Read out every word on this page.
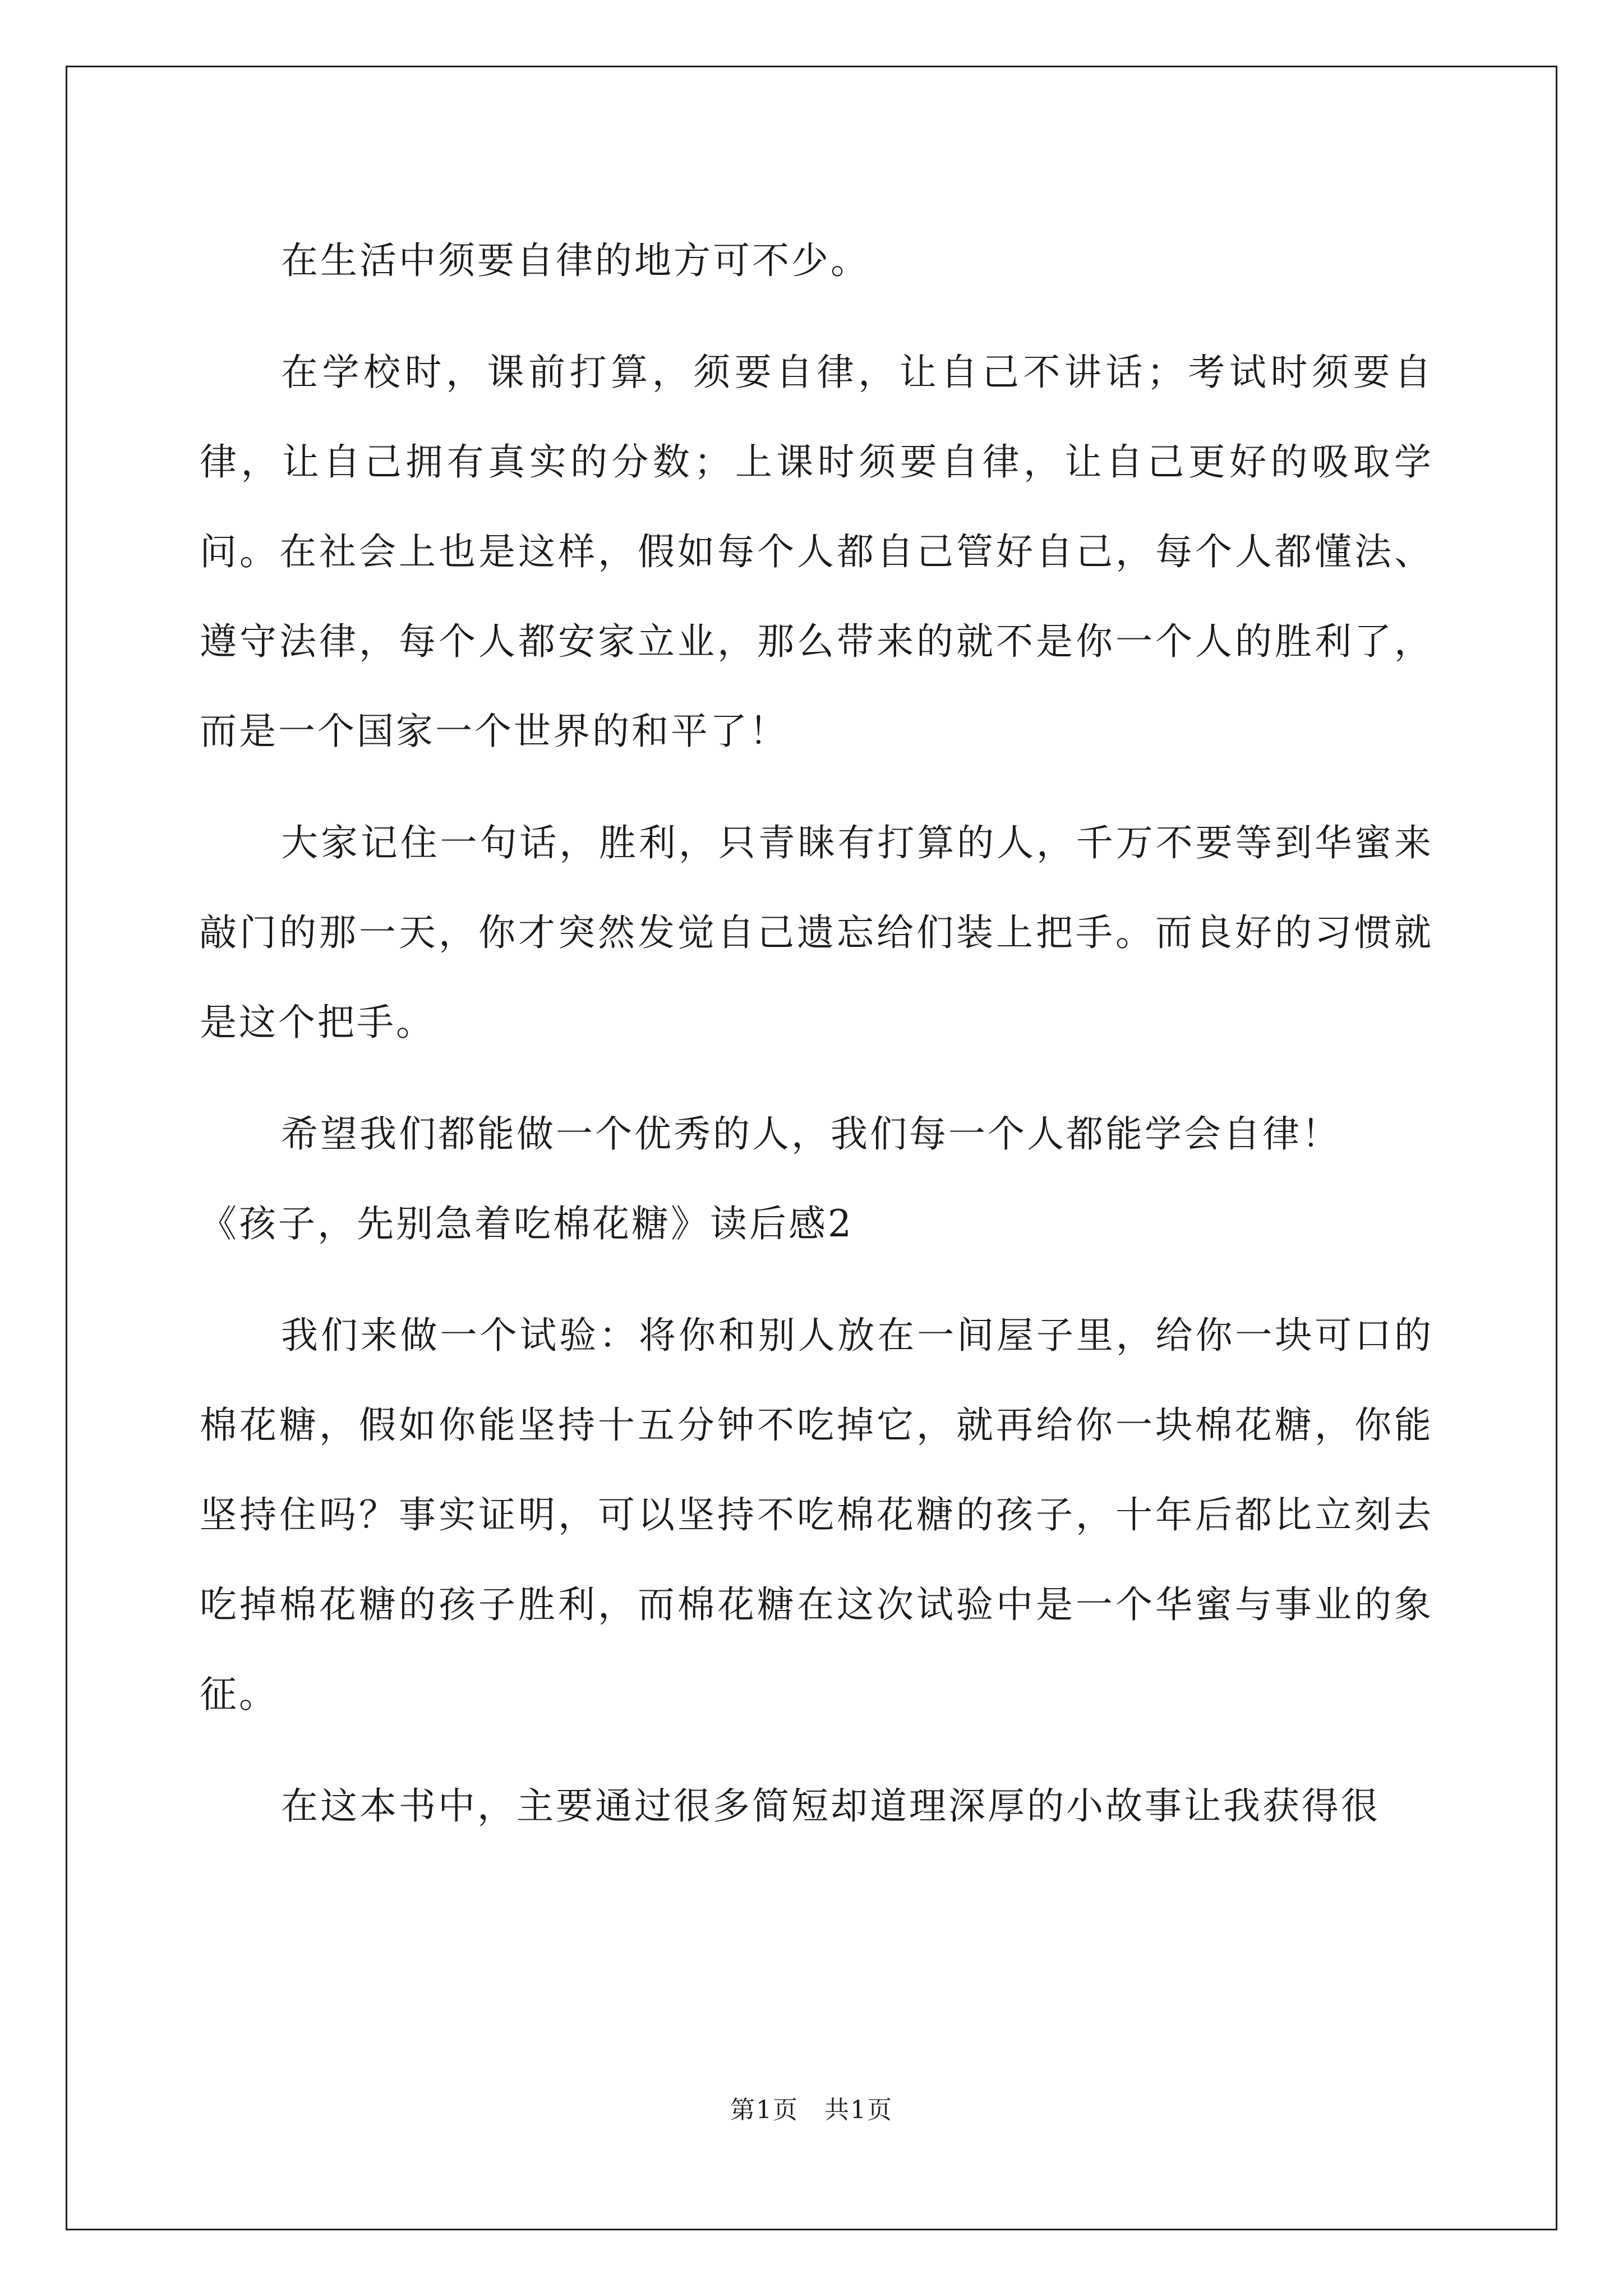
在生活中须要自律的地方可不少。

在学校时，课前打算，须要自律，让自己不讲话；考试时须要自律，让自己拥有真实的分数；上课时须要自律，让自己更好的吸取学问。在社会上也是这样，假如每个人都自己管好自己，每个人都懂法、遵守法律，每个人都安家立业，那么带来的就不是你一个人的胜利了，而是一个国家一个世界的和平了！

大家记住一句话，胜利，只青睐有打算的人，千万不要等到华蜜来敲门的那一天，你才突然发觉自己遗忘给们装上把手。而良好的习惯就是这个把手。

希望我们都能做一个优秀的人，我们每一个人都能学会自律！

《孩子，先别急着吃棉花糖》读后感2

我们来做一个试验：将你和别人放在一间屋子里，给你一块可口的棉花糖，假如你能坚持十五分钟不吃掉它，就再给你一块棉花糖，你能坚持住吗？事实证明，可以坚持不吃棉花糖的孩子，十年后都比立刻去吃掉棉花糖的孩子胜利，而棉花糖在这次试验中是一个华蜜与事业的象征。

在这本书中，主要通过很多简短却道理深厚的小故事让我获得很

第1页　共1页
